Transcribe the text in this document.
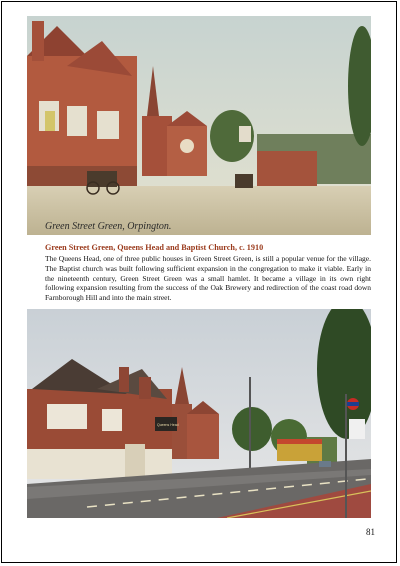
Green Street Green, Orpington.
Green Street Green, Queens Head and Baptist Church, c. 1910

The Queens Head, one of three public houses in Green Street Green, is still a popular venue for the village. The Baptist church was built following sufficient expansion in the congregation to make it viable. Early in the nineteenth century, Green Street Green was a small hamlet. It became a village in its own right following expansion resulting from the success of the Oak Brewery and redirection of the coast road down Farnborough Hill and into the main street.

Queens Head
81
